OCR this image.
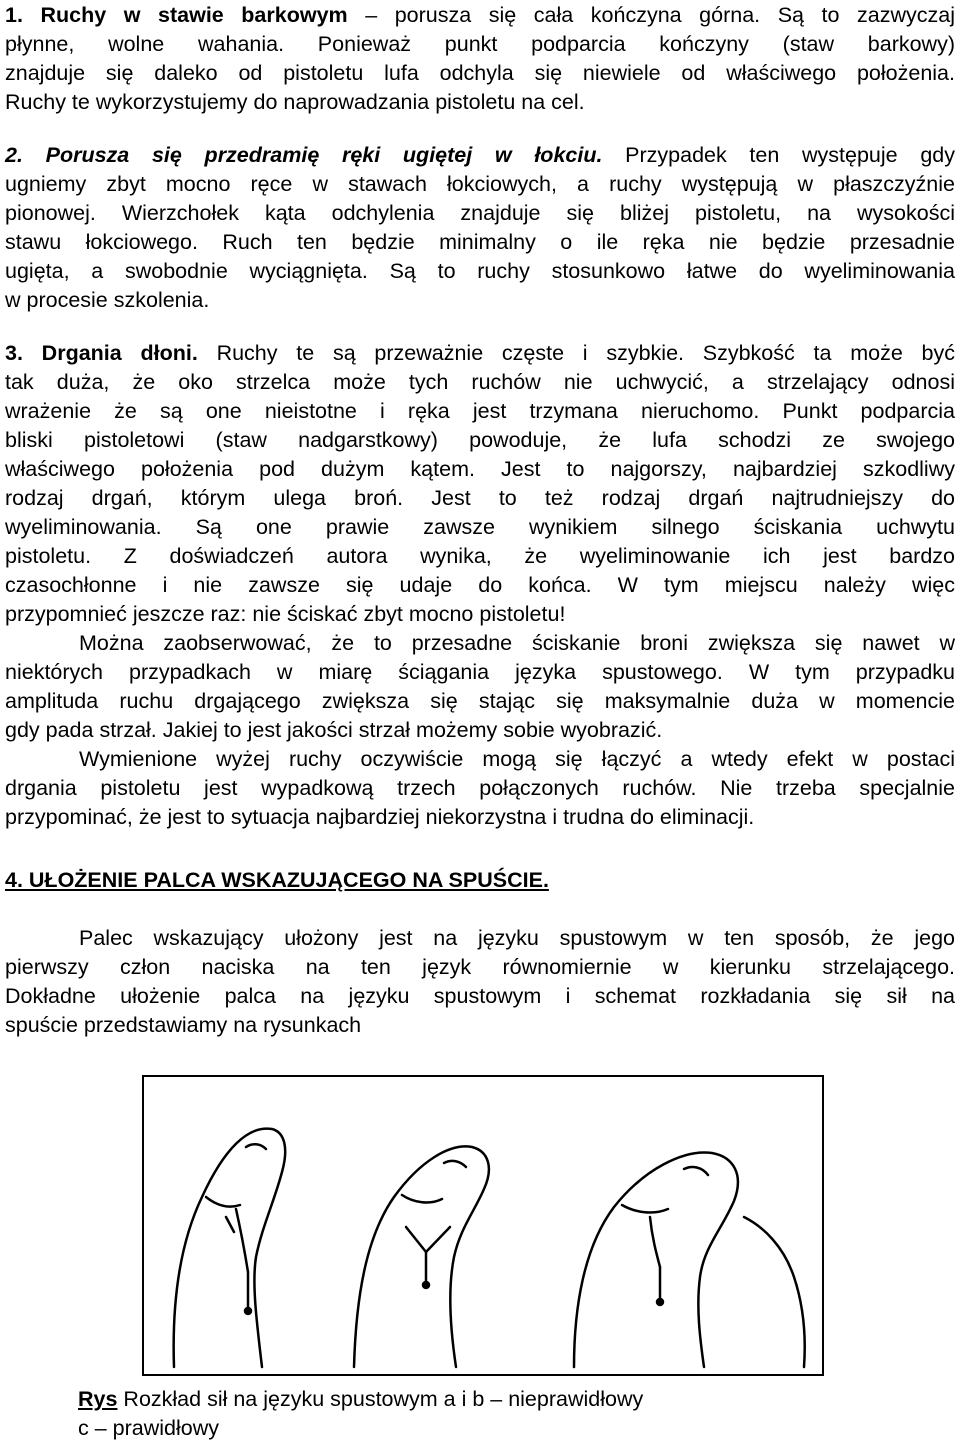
1. Ruchy w stawie barkowym – porusza się cała kończyna górna. Są to zazwyczaj
płynne, wolne wahania. Ponieważ punkt podparcia kończyny (staw barkowy)
znajduje się daleko od pistoletu lufa odchyla się niewiele od właściwego położenia.
Ruchy te wykorzystujemy do naprowadzania pistoletu na cel.
2. Porusza się przedramię ręki ugiętej w łokciu. Przypadek ten występuje gdy
ugniemy zbyt mocno ręce w stawach łokciowych, a ruchy występują w płaszczyźnie
pionowej. Wierzchołek kąta odchylenia znajduje się bliżej pistoletu, na wysokości
stawu łokciowego. Ruch ten będzie minimalny o ile ręka nie będzie przesadnie
ugięta, a swobodnie wyciągnięta. Są to ruchy stosunkowo łatwe do wyeliminowania
w procesie szkolenia.
3. Drgania dłoni. Ruchy te są przeważnie częste i szybkie. Szybkość ta może być
tak duża, że oko strzelca może tych ruchów nie uchwycić, a strzelający odnosi
wrażenie że są one nieistotne i ręka jest trzymana nieruchomo. Punkt podparcia
bliski pistoletowi (staw nadgarstkowy) powoduje, że lufa schodzi ze swojego
właściwego położenia pod dużym kątem. Jest to najgorszy, najbardziej szkodliwy
rodzaj drgań, którym ulega broń. Jest to też rodzaj drgań najtrudniejszy do
wyeliminowania. Są one prawie zawsze wynikiem silnego ściskania uchwytu
pistoletu. Z doświadczeń autora wynika, że wyeliminowanie ich jest bardzo
czasochłonne i nie zawsze się udaje do końca. W tym miejscu należy więc
przypomnieć jeszcze raz: nie ściskać zbyt mocno pistoletu!
Można zaobserwować, że to przesadne ściskanie broni zwiększa się nawet w
niektórych przypadkach w miarę ściągania języka spustowego. W tym przypadku
amplituda ruchu drgającego zwiększa się stając się maksymalnie duża w momencie
gdy pada strzał. Jakiej to jest jakości strzał możemy sobie wyobrazić.
Wymienione wyżej ruchy oczywiście mogą się łączyć a wtedy efekt w postaci
drgania pistoletu jest wypadkową trzech połączonych ruchów. Nie trzeba specjalnie
przypominać, że jest to sytuacja najbardziej niekorzystna i trudna do eliminacji.
4. UŁOŻENIE PALCA WSKAZUJĄCEGO NA SPUŚCIE.
Palec wskazujący ułożony jest na języku spustowym w ten sposób, że jego
pierwszy człon naciska na ten język równomiernie w kierunku strzelającego.
Dokładne ułożenie palca na języku spustowym i schemat rozkładania się sił na
spuście przedstawiamy na rysunkach
Rys Rozkład sił na języku spustowym a i b – nieprawidłowy
c – prawidłowy
